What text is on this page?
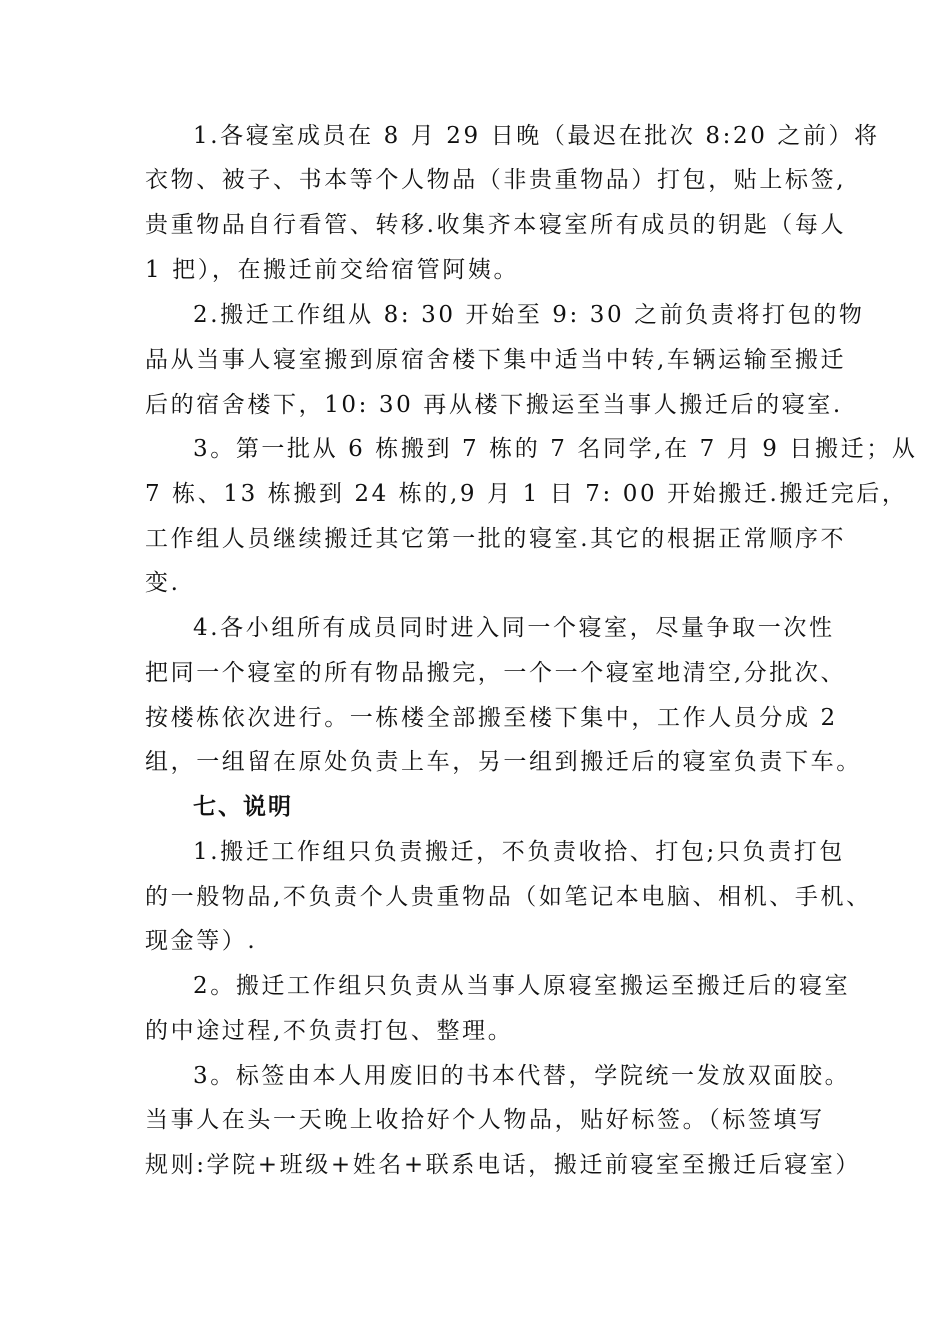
1.各寝室成员在 8 月 29 日晚（最迟在批次 8:20 之前）将
衣物、被子、书本等个人物品（非贵重物品）打包，贴上标签,
贵重物品自行看管、转移.收集齐本寝室所有成员的钥匙（每人
1 把），在搬迁前交给宿管阿姨。
2.搬迁工作组从 8: 30 开始至 9: 30 之前负责将打包的物
品从当事人寝室搬到原宿舍楼下集中适当中转,车辆运输至搬迁
后的宿舍楼下，10: 30 再从楼下搬运至当事人搬迁后的寝室.
3。第一批从 6 栋搬到 7 栋的 7 名同学,在 7 月 9 日搬迁；从
7 栋、13 栋搬到 24 栋的,9 月 1 日 7: 00 开始搬迁.搬迁完后，
工作组人员继续搬迁其它第一批的寝室.其它的根据正常顺序不
变.
4.各小组所有成员同时进入同一个寝室，尽量争取一次性
把同一个寝室的所有物品搬完，一个一个寝室地清空,分批次、
按楼栋依次进行。一栋楼全部搬至楼下集中，工作人员分成 2
组，一组留在原处负责上车，另一组到搬迁后的寝室负责下车。
七、说明
1.搬迁工作组只负责搬迁，不负责收拾、打包;只负责打包
的一般物品,不负责个人贵重物品（如笔记本电脑、相机、手机、
现金等）.
2。搬迁工作组只负责从当事人原寝室搬运至搬迁后的寝室
的中途过程,不负责打包、整理。
3。标签由本人用废旧的书本代替，学院统一发放双面胶。
当事人在头一天晚上收拾好个人物品，贴好标签。（标签填写
规则:学院+班级+姓名+联系电话，搬迁前寝室至搬迁后寝室）
